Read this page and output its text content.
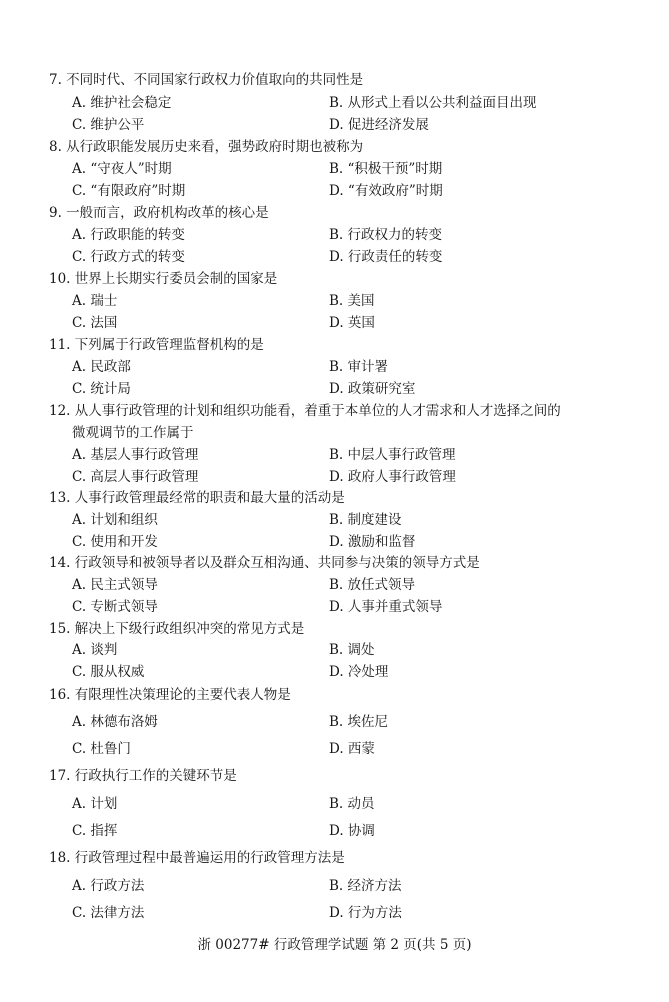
7. 不同时代、不同国家行政权力价值取向的共同性是
A. 维护社会稳定	B. 从形式上看以公共利益面目出现
C. 维护公平	D. 促进经济发展
8. 从行政职能发展历史来看，强势政府时期也被称为
A. “守夜人”时期	B. “积极干预”时期
C. “有限政府”时期	D. “有效政府”时期
9. 一般而言，政府机构改革的核心是
A. 行政职能的转变	B. 行政权力的转变
C. 行政方式的转变	D. 行政责任的转变
10. 世界上长期实行委员会制的国家是
A. 瑞士	B. 美国
C. 法国	D. 英国
11. 下列属于行政管理监督机构的是
A. 民政部	B. 审计署
C. 统计局	D. 政策研究室
12. 从人事行政管理的计划和组织功能看，着重于本单位的人才需求和人才选择之间的
微观调节的工作属于
A. 基层人事行政管理	B. 中层人事行政管理
C. 高层人事行政管理	D. 政府人事行政管理
13. 人事行政管理最经常的职责和最大量的活动是
A. 计划和组织	B. 制度建设
C. 使用和开发	D. 激励和监督
14. 行政领导和被领导者以及群众互相沟通、共同参与决策的领导方式是
A. 民主式领导	B. 放任式领导
C. 专断式领导	D. 人事并重式领导
15. 解决上下级行政组织冲突的常见方式是
A. 谈判	B. 调处
C. 服从权威	D. 冷处理
16. 有限理性决策理论的主要代表人物是
A. 林德布洛姆	B. 埃佐尼
C. 杜鲁门	D. 西蒙
17. 行政执行工作的关键环节是
A. 计划	B. 动员
C. 指挥	D. 协调
18. 行政管理过程中最普遍运用的行政管理方法是
A. 行政方法	B. 经济方法
C. 法律方法	D. 行为方法
浙 00277# 行政管理学试题 第 2 页(共 5 页)
